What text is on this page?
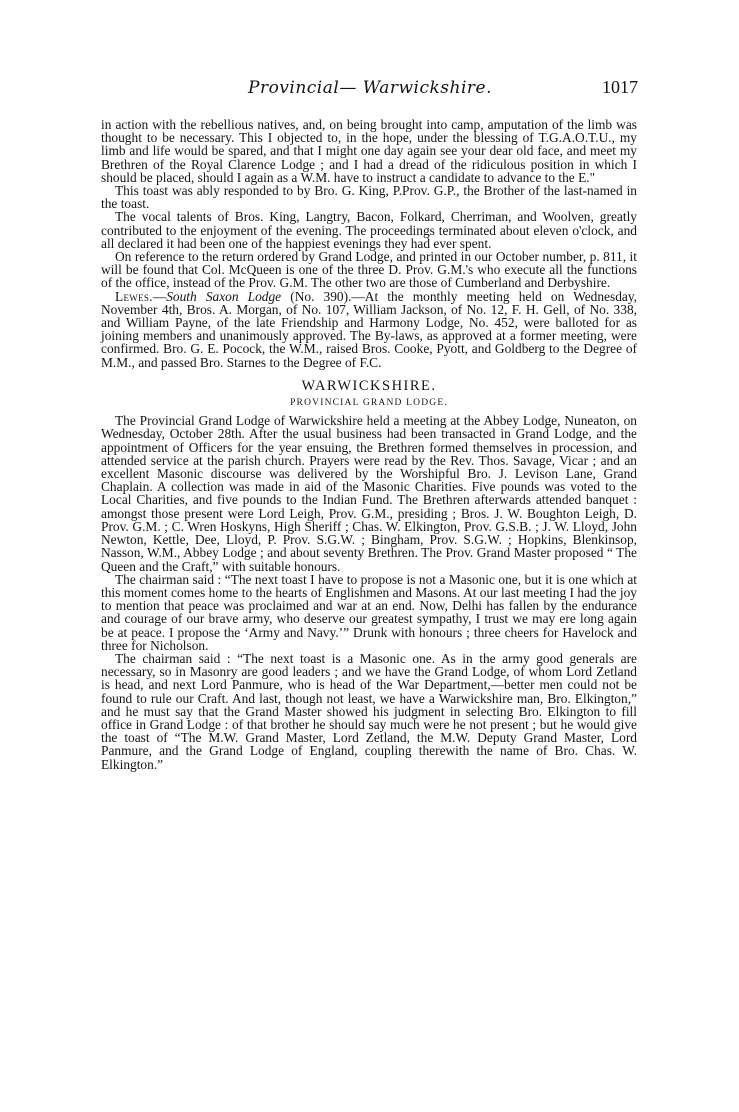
Provincial— Warwickshire.	1017

in action with the rebellious natives, and, on being brought into camp, amputation of the limb was thought to be necessary. This I objected to, in the hope, under the blessing of T.G.A.O.T.U., my limb and life would be spared, and that I might one day again see your dear old face, and meet my Brethren of the Royal Clarence Lodge ; and I had a dread of the ridiculous position in which I should be placed, should I again as a W.M. have to instruct a candidate to advance to the E."

This toast was ably responded to by Bro. G. King, P.Prov. G.P., the Brother of the last-named in the toast.

The vocal talents of Bros. King, Langtry, Bacon, Folkard, Cherriman, and Woolven, greatly contributed to the enjoyment of the evening. The proceedings terminated about eleven o'clock, and all declared it had been one of the happiest evenings they had ever spent.

On reference to the return ordered by Grand Lodge, and printed in our October number, p. 811, it will be found that Col. McQueen is one of the three D. Prov. G.M.'s who execute all the functions of the office, instead of the Prov. G.M. The other two are those of Cumberland and Derbyshire.

Lewes.—South Saxon Lodge (No. 390).—At the monthly meeting held on Wednesday, November 4th, Bros. A. Morgan, of No. 107, William Jackson, of No. 12, F. H. Gell, of No. 338, and William Payne, of the late Friendship and Harmony Lodge, No. 452, were balloted for as joining members and unanimously approved. The By-laws, as approved at a former meeting, were confirmed. Bro. G. E. Pocock, the W.M., raised Bros. Cooke, Pyott, and Goldberg to the Degree of M.M., and passed Bro. Starnes to the Degree of F.C.

WARWICKSHIRE.
PROVINCIAL GRAND LODGE.

The Provincial Grand Lodge of Warwickshire held a meeting at the Abbey Lodge, Nuneaton, on Wednesday, October 28th. After the usual business had been transacted in Grand Lodge, and the appointment of Officers for the year ensuing, the Brethren formed themselves in procession, and attended service at the parish church. Prayers were read by the Rev. Thos. Savage, Vicar ; and an excellent Masonic discourse was delivered by the Worshipful Bro. J. Levison Lane, Grand Chaplain. A collection was made in aid of the Masonic Charities. Five pounds was voted to the Local Charities, and five pounds to the Indian Fund. The Brethren afterwards attended banquet : amongst those present were Lord Leigh, Prov. G.M., presiding ; Bros. J. W. Boughton Leigh, D. Prov. G.M. ; C. Wren Hoskyns, High Sheriff ; Chas. W. Elkington, Prov. G.S.B. ; J. W. Lloyd, John Newton, Kettle, Dee, Lloyd, P. Prov. S.G.W. ; Bingham, Prov. S.G.W. ; Hopkins, Blenkinsop, Nasson, W.M., Abbey Lodge ; and about seventy Brethren. The Prov. Grand Master proposed “ The Queen and the Craft,” with suitable honours.

The chairman said : “The next toast I have to propose is not a Masonic one, but it is one which at this moment comes home to the hearts of Englishmen and Masons. At our last meeting I had the joy to mention that peace was proclaimed and war at an end. Now, Delhi has fallen by the endurance and courage of our brave army, who deserve our greatest sympathy, I trust we may ere long again be at peace. I propose the ‘Army and Navy.’” Drunk with honours ; three cheers for Havelock and three for Nicholson.

The chairman said : “The next toast is a Masonic one. As in the army good generals are necessary, so in Masonry are good leaders ; and we have the Grand Lodge, of whom Lord Zetland is head, and next Lord Panmure, who is head of the War Department,—better men could not be found to rule our Craft. And last, though not least, we have a Warwickshire man, Bro. Elkington,” and he must say that the Grand Master showed his judgment in selecting Bro. Elkington to fill office in Grand Lodge : of that brother he should say much were he not present ; but he would give the toast of “The M.W. Grand Master, Lord Zetland, the M.W. Deputy Grand Master, Lord Panmure, and the Grand Lodge of England, coupling therewith the name of Bro. Chas. W. Elkington.”
